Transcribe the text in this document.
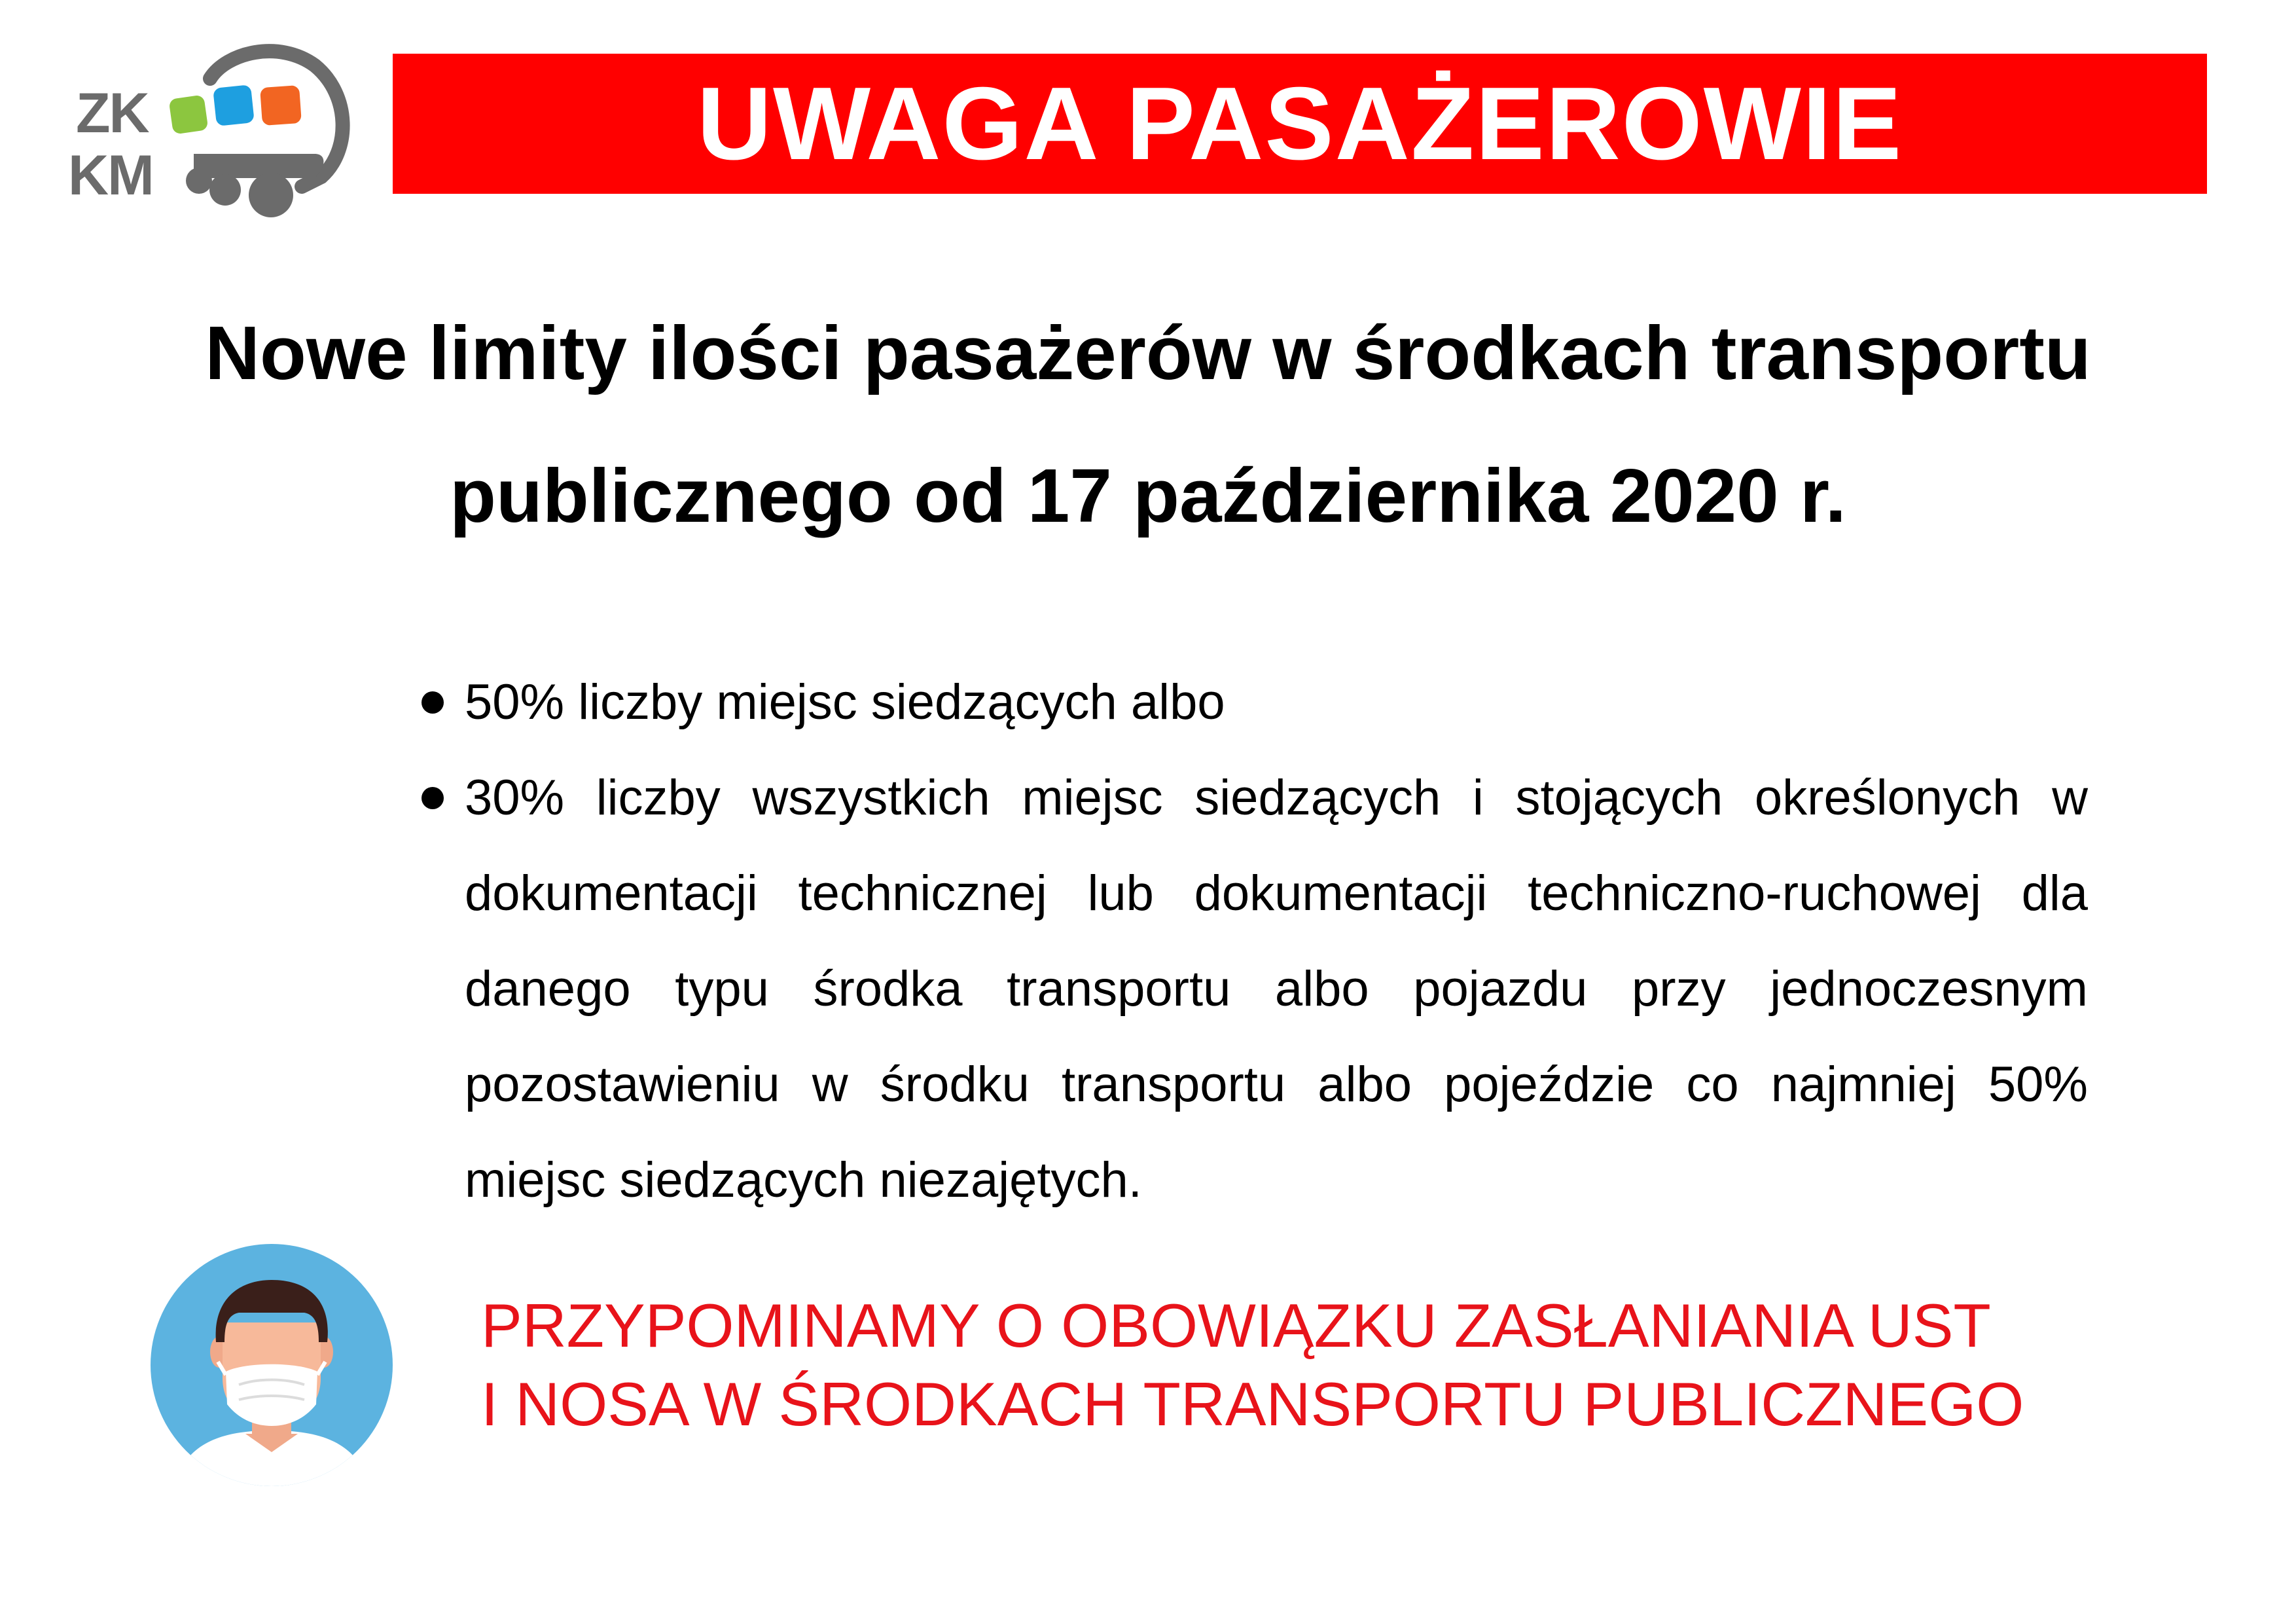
ZK
KM	UWAGA PASAŻEROWIE
Nowe limity ilości pasażerów w środkach transportu
publicznego od 17 października 2020 r.
50% liczby miejsc siedzących albo
30% liczby wszystkich miejsc siedzących i stojących określonych w dokumentacji technicznej lub dokumentacji techniczno-ruchowej dla danego typu środka transportu albo pojazdu przy jednoczesnym pozostawieniu w środku transportu albo pojeździe co najmniej 50% miejsc siedzących niezajętych.
PRZYPOMINAMY O OBOWIĄZKU ZASŁANIANIA UST
I NOSA W ŚRODKACH TRANSPORTU PUBLICZNEGO
